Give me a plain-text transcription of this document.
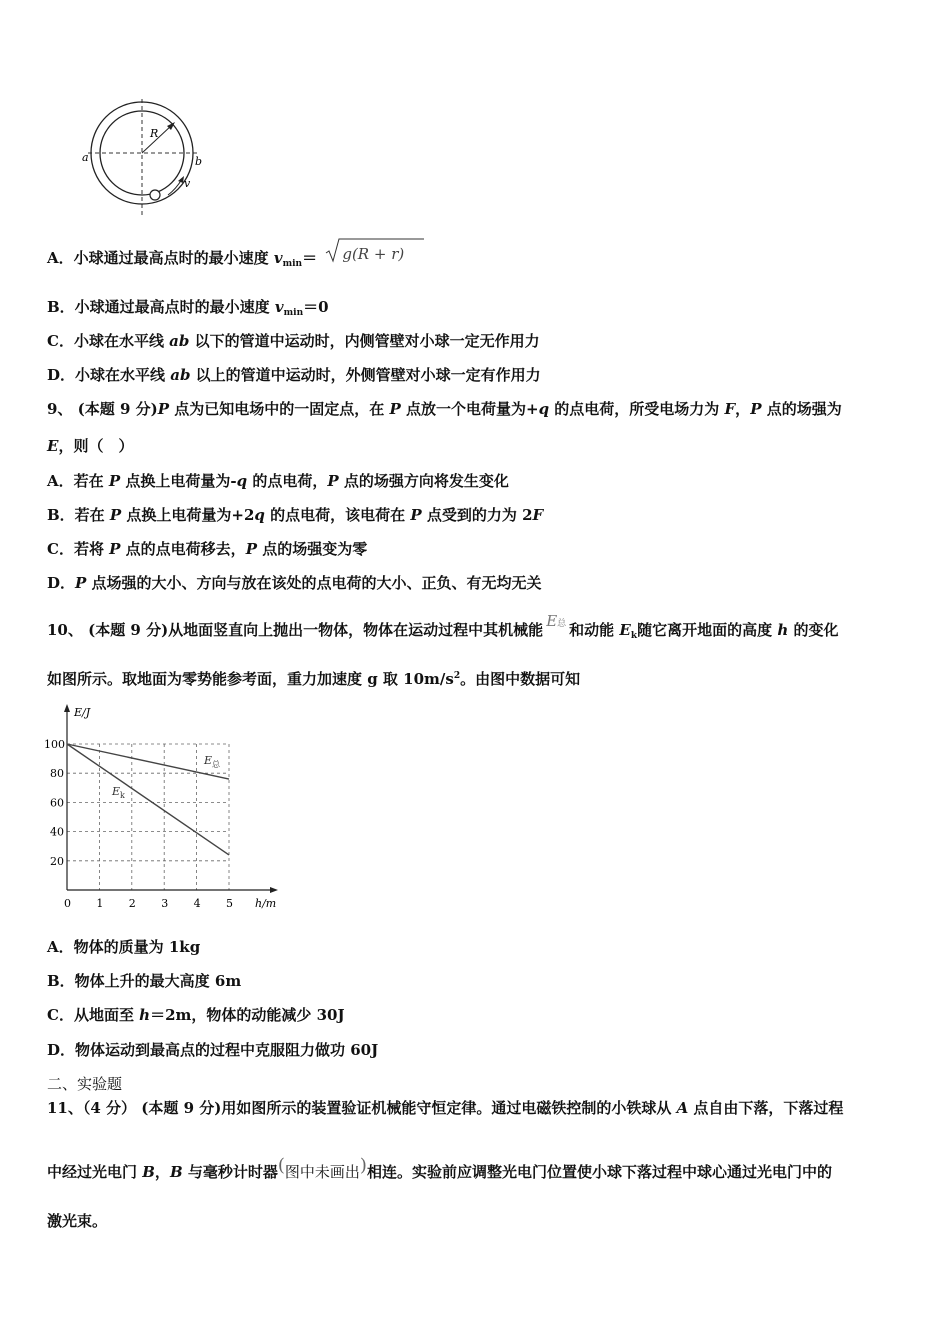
R
a	b
v
A．小球通过最高点时的最小速度 $v_{min}= g(R + r)$
B．小球通过最高点时的最小速度 $v_{min}=0$
C．小球在水平线 ab 以下的管道中运动时，内侧管壁对小球一定无作用力
D．小球在水平线 ab 以上的管道中运动时，外侧管壁对小球一定有作用力
9、 (本题 9 分)P 点为已知电场中的一固定点，在 P 点放一个电荷量为+q 的点电荷，所受电场力为 F，P 点的场强为
E，则（　）
A．若在 P 点换上电荷量为-q 的点电荷，P 点的场强方向将发生变化
B．若在 P 点换上电荷量为+2q 的点电荷，该电荷在 P 点受到的力为 2F
C．若将 P 点的点电荷移去，P 点的场强变为零
D．P 点场强的大小、方向与放在该处的点电荷的大小、正负、有无均无关
10、 (本题 9 分)从地面竖直向上抛出一物体，物体在运动过程中其机械能 E总 和动能 $E_k$随它离开地面的高度 h 的变化
如图所示。取地面为零势能参考面，重力加速度 g 取 $10m/s^2$。由图中数据可知
E/J
h/m
0 1 2 3 4 5
20
40
60
80
100
$E_总$
$E_k$
A．物体的质量为 1kg
B．物体上升的最大高度 6m
C．从地面至 h＝2m，物体的动能减少 30J
D．物体运动到最高点的过程中克服阻力做功 60J
二、实验题
11、（4 分） (本题 9 分)用如图所示的装置验证机械能守恒定律。通过电磁铁控制的小铁球从 A 点自由下落，下落过程
中经过光电门 B，B 与毫秒计时器(图中未画出)相连。实验前应调整光电门位置使小球下落过程中球心通过光电门中的
激光束。
